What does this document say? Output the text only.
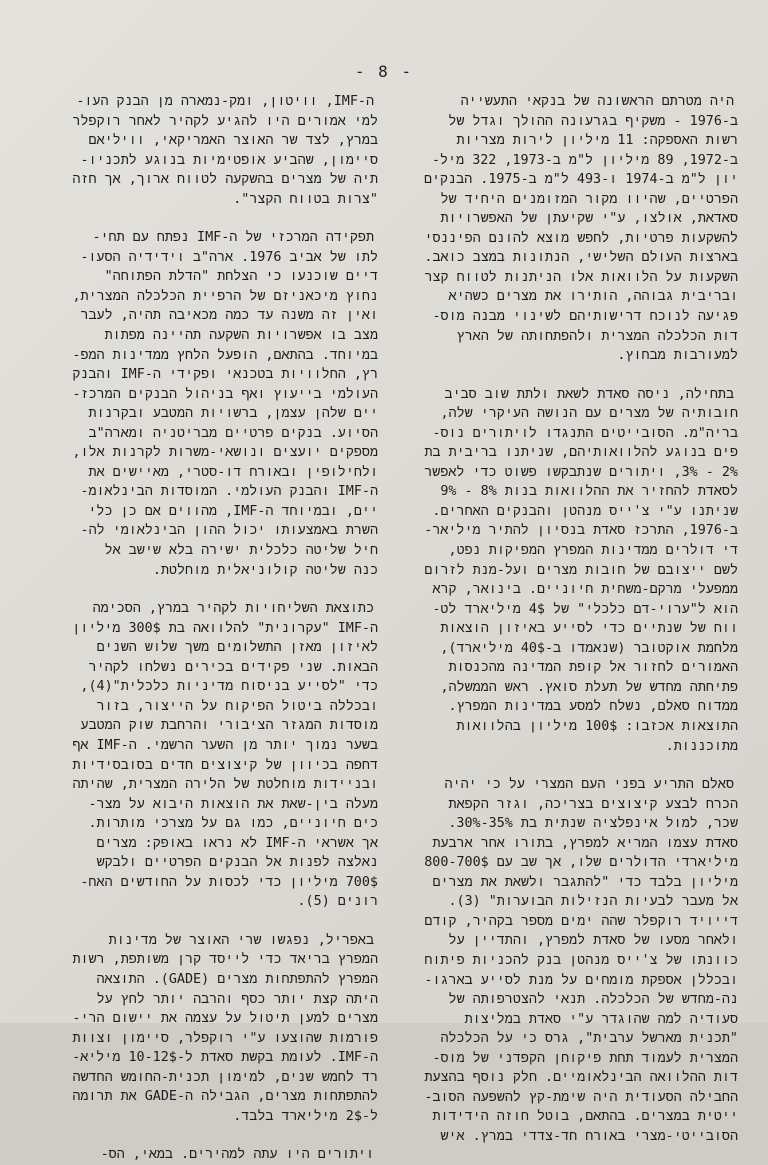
- 8 -
היה מטרתם הראשונה של בנקאי התעשייה
ב-1976 - משקיף בגרעונה ההולך וגדל של
רשות האספקה: 11 מיליון לירות מצריות
ב-1972, 89 מיליון ל"מ ב-1973, 322 מיל-
יון ל"מ ב-1974 ו-493 ל"מ ב-1975. הבנקים
הפרטיים, שהיוו מקור המזומנים היחיד של
סאדאת, אולצו, ע"י שקיעתן של האפשרויות
להשקעות פרטיות, לחפש מוצא להונם הפיננסי
בארצות העולם השלישי, הנתונות במצב כואב.
השקעות על הלוואות אלו הניתנות לטווח קצר
ובריבית גבוהה, הותירו את מצרים כשהיא
פגיעה לנוכח דרישותיהם לשינוי מבנה מוס-
דות הכלכלה המצרית ולהפתחותה של הארץ
למעורבות מבחוץ.
בתחילה, ניסה סאדת לשאת ולתת שוב סביב
חובותיה של מצרים עם הנושה העיקרי שלה,
בריה"מ. הסובייטים התנגדו לויתורים נוס-
פים בנוגע להלוואותיהם, שניתנו בריבית בת
2% - 3%, ויתורים שנתבקשו פשוט כדי לאפשר
לסאדת להחזיר את ההלוואות בנות 8% - 9%
שניתנו ע"י צ'ייס מנהטן והבנקים האחרים.
ב-1976, התרכז סאדת בנסיון להתיר מיליאר-
די דולרים ממדינות המפרץ המפיקות נפט,
לשם ייצובם של חובות מצרים ועל-מנת לזרום
ממפעלי מרקם-משחית חיוניים. בינואר, קרא
הוא ל"ערוי-דם כלכלי" של 4$ מיליארד לט-
ווח של שנתיים כדי לסייע באיזון הוצאות
מלחמת אוקטובר (שנאמדו ב-40$ מיליארד),
האמורים לחזור אל קופת המדינה מהכנסות
פתיחתה מחדש של תעלת סואץ. ראש הממשלה,
ממדוח סאלם, נשלח למסע במדינות המפרץ.
התוצאות אכזבו: 100$ מיליון בהלוואות
מתוכננות.
סאלם התריע בפני העם המצרי על כי יהיה
הכרח לבצע קיצוצים בצריכה, וגזר הקפאת
שכר, למול אינפלציה שנתית בת 35%-30%.
סאדת עצמו המריא למפרץ, בתורו אחר ארבעת
מיליארדי הדולרים שלו, אך שב עם 800-700$
מיליון בלבד כדי "להתגבר ולשאת את מצרים
אל מעבר לבעיות הנזילות הבוערות" (3).
דייויד רוקפלר שהה ימים מספר בקהיר, קודם
ולאחר מסעו של סאדת למפרץ, והתדיין על
כוונתו של צ'ייס מנהטן בנק להכניות פיתוח
ובכללן אספקת מומחים על מנת לסייע בארגו-
נה-מחדש של הכלכלה. תנאי להצטרפותה של
סעודיה למה שהוגדר ע"י סאדת במליצות
"תכנית מארשל ערבית", גרס כי על הכלכלה
המצרית לעמוד תחת פיקוחן הקפדני של מוס-
דות ההלוואה הבינלאומיים. חלק נוסף בהצעת
החבילה הסעודית היה שימת-קץ להשפעה הסוב-
ייטית במצרים. בהתאם, בוטל חוזה הידידות
הסובייטי-מצרי באורח חד-צדדי במרץ. איש
ה-IMF, וויטון, ומק-נמארה מן הבנק העו-
למי אמורים היו להגיע לקהיר לאחר רוקפלר
במרץ, לצד שר האוצר האמריקאי, וויליאם
סיימון, שהביע אופטימיות בנוגע לתכניו-
תיה של מצרים בהשקעה לטווח ארוך, אך חזה
"צרות בטווח הקצר".
תפקידה המרכזי של ה-IMF נפתח עם תחי-
לתו של אביב 1976. ארה"ב וידידיה הסעו-
דיים שוכנעו כי הצלחת "הדלת הפתוחה"
נחוץ מיכאניזם של הרפיית הכלכלה המצרית,
ואין זה משנה עד כמה מכאיבה תהיה, לעבר
מצב בו אפשרויות השקעה תהיינה מפתות
במיוחד. בהתאם, הופעל הלחץ ממדינות המפ-
רץ, החלוויות בטכנאי ופקידי ה-IMF והבנק
העולמי בייעוץ ואף בניהול הבנקים המרכז-
יים שלהן עצמן, ברשויות המטבע ובקרנות
הסיוע. בנקים פרטיים מבריטניה ומארה"ב
מספקים יועצים ונושאי-משרות לקרנות אלו,
ולחילופין ובאורח דו-סטרי, מאיישים את
ה-IMF והבנק העולמי. המוסדות הבינלאומ-
יים, ובמיוחד ה-IMF, מהווים אם כן כלי
השרת באמצעותו יכול ההון הבינלאומי לה-
חיל שליטה כלכלית ישירה בלא שישב אל
כנה שליטה קולוניאלית מוחלטת.
כתוצאת השליחויות לקהיר במרץ, הסכימה
ה-IMF "עקרונית" להלוואה בת 300$ מיליון
לאיזון מאזן התשלומים משך שלוש השנים
הבאות. שני פקידים בכירים נשלחו לקהיר
כדי "לסייע בניסוח מדיניות כלכלית"(4),
ובכללה ביטול הפיקוח על הייצור, בזור
מוסדות המגזר הציבורי והרחבת שוק המטבע
בשער נמוך יותר מן השער הרשמי. ה-IMF אף
דחפה בכיוון של קיצוצים חדים בסובסידיות
ובניידות מוחלטת של הלירה המצרית, שהיתה
מעלה בין-שאת את הוצאות היבוא על מצר-
כים חיוניים, כמו גם על מצרכי מותרות.
אך אשראי ה-IMF לא נראו באופק: מצרים
נאלצה לפנות אל הבנקים הפרטיים ולבקש
700$ מיליון כדי לכסות על החודשים האח-
רונים (5).
באפריל, נפגשו שרי האוצר של מדינות
המפרץ בריאד כדי לייסד קרן משותפת, רשות
המפרץ להתפתחות מצרים (GADE). התוצאה
היתה קצת יותר כסף והרבה יותר לחץ על
מצרים למען תיטול על עצמה את יישום הרי-
פורמות שהוצעו ע"י רוקפלר, סיימון וצוות
ה-IMF. לעומת בקשת סאדת ל-12$-10 מיליא-
רד לחמש שנים, למימון תכנית-החומש החדשה
להתפתחות מצרים, הגבילה ה-GADE את תרומה
ל-2$ מיליארד בלבד.
ויתורים היו עתה למהירים. במאי, הס-
